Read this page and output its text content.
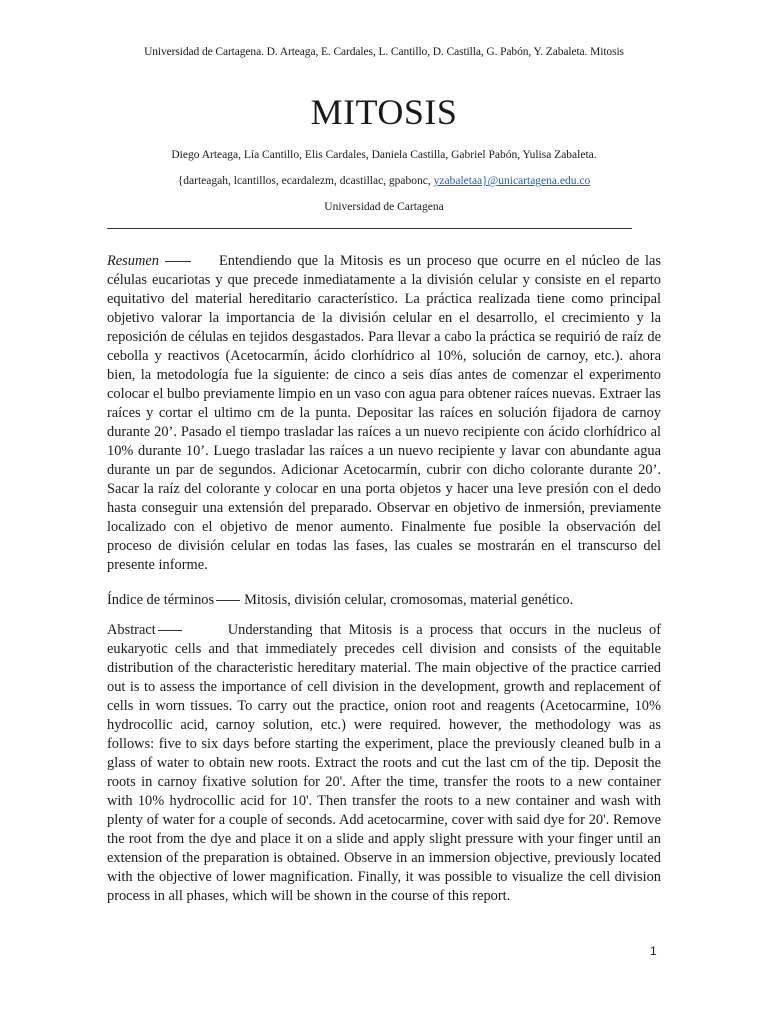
Universidad de Cartagena. D. Arteaga, E. Cardales, L. Cantillo, D. Castilla, G. Pabón, Y. Zabaleta. Mitosis
MITOSIS
Diego Arteaga, Lía Cantillo, Elis Cardales, Daniela Castilla, Gabriel Pabón, Yulisa Zabaleta.
{darteagah, lcantillos, ecardalezm, dcastillac, gpabonc, yzabaletaa}@unicartagena.edu.co
Universidad de Cartagena
Resumen	Entendiendo que la Mitosis es un proceso que ocurre en el núcleo de las células eucariotas y que precede inmediatamente a la división celular y consiste en el reparto equitativo del material hereditario característico. La práctica realizada tiene como principal objetivo valorar la importancia de la división celular en el desarrollo, el crecimiento y la reposición de células en tejidos desgastados. Para llevar a cabo la práctica se requirió de raíz de cebolla y reactivos (Acetocarmín, ácido clorhídrico al 10%, solución de carnoy, etc.). ahora bien, la metodología fue la siguiente: de cinco a seis días antes de comenzar el experimento colocar el bulbo previamente limpio en un vaso con agua para obtener raíces nuevas. Extraer las raíces y cortar el ultimo cm de la punta. Depositar las raíces en solución fijadora de carnoy durante 20’. Pasado el tiempo trasladar las raíces a un nuevo recipiente con ácido clorhídrico al 10% durante 10’. Luego trasladar las raíces a un nuevo recipiente y lavar con abundante agua durante un par de segundos. Adicionar Acetocarmín, cubrir con dicho colorante durante 20’. Sacar la raíz del colorante y colocar en una porta objetos y hacer una leve presión con el dedo hasta conseguir una extensión del preparado. Observar en objetivo de inmersión, previamente localizado con el objetivo de menor aumento. Finalmente fue posible la observación del proceso de división celular en todas las fases, las cuales se mostrarán en el transcurso del presente informe.
Índice de términos Mitosis, división celular, cromosomas, material genético.
Abstract	Understanding that Mitosis is a process that occurs in the nucleus of eukaryotic cells and that immediately precedes cell division and consists of the equitable distribution of the characteristic hereditary material. The main objective of the practice carried out is to assess the importance of cell division in the development, growth and replacement of cells in worn tissues. To carry out the practice, onion root and reagents (Acetocarmine, 10% hydrocollic acid, carnoy solution, etc.) were required. however, the methodology was as follows: five to six days before starting the experiment, place the previously cleaned bulb in a glass of water to obtain new roots. Extract the roots and cut the last cm of the tip. Deposit the roots in carnoy fixative solution for 20'. After the time, transfer the roots to a new container with 10% hydrocollic acid for 10'. Then transfer the roots to a new container and wash with plenty of water for a couple of seconds. Add acetocarmine, cover with said dye for 20'. Remove the root from the dye and place it on a slide and apply slight pressure with your finger until an extension of the preparation is obtained. Observe in an immersion objective, previously located with the objective of lower magnification. Finally, it was possible to visualize the cell division process in all phases, which will be shown in the course of this report.
1
